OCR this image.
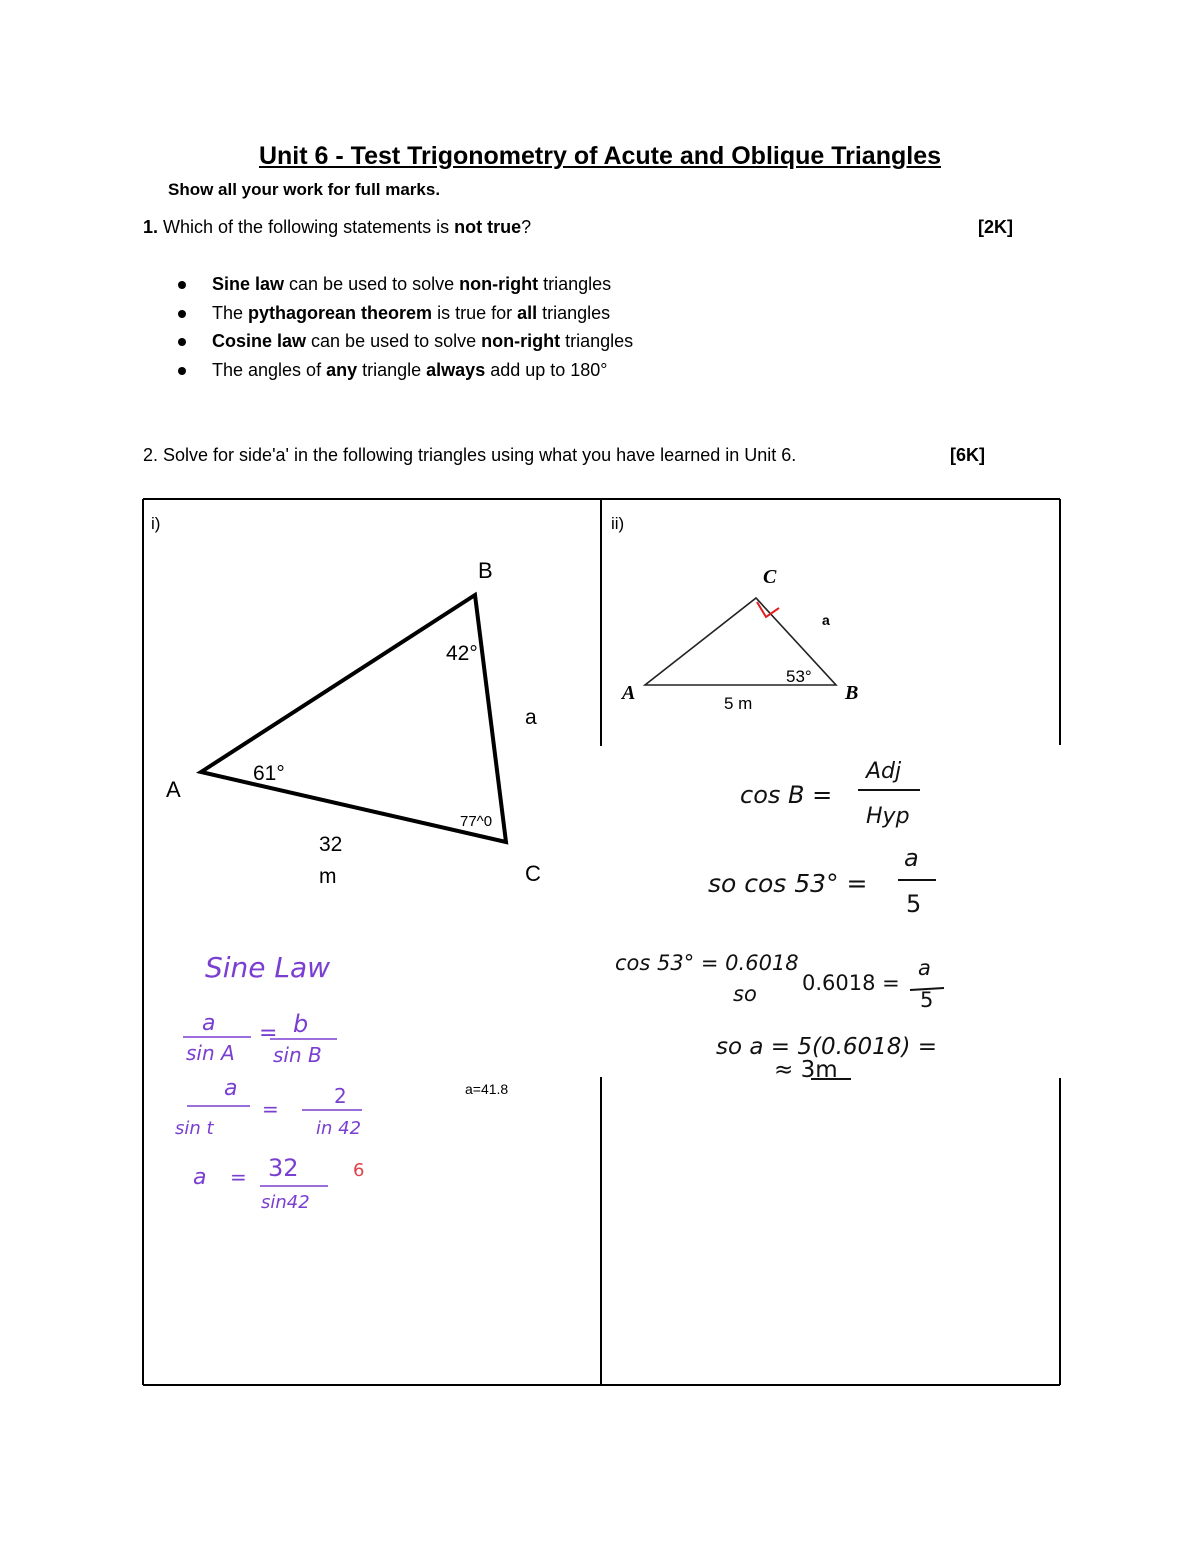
Unit 6 - Test Trigonometry of Acute and Oblique Triangles
Show all your work for full marks.
1. Which of the following statements is not true?	[2K]
Sine law can be used to solve non-right triangles
The pythagorean theorem is true for all triangles
Cosine law can be used to solve non-right triangles
The angles of any triangle always add up to 180°
2. Solve for side'a' in the following triangles using what you have learned in Unit 6.	[6K]
i)
B
A
C
42°
61°
77^0
a
32
m
a=41.8
Sine Law
a
sin A
= b
sin B
a
sin t
=
2
in 42
a = 32
sin42
6
ii)
C
A	B
a
53°
5 m
cos B =
Adj
Hyp
so cos 53° =
a
5
cos 53° = 0.6018
so 0.6018 =
a
5
so a = 5(0.6018) =
≈ 3m
